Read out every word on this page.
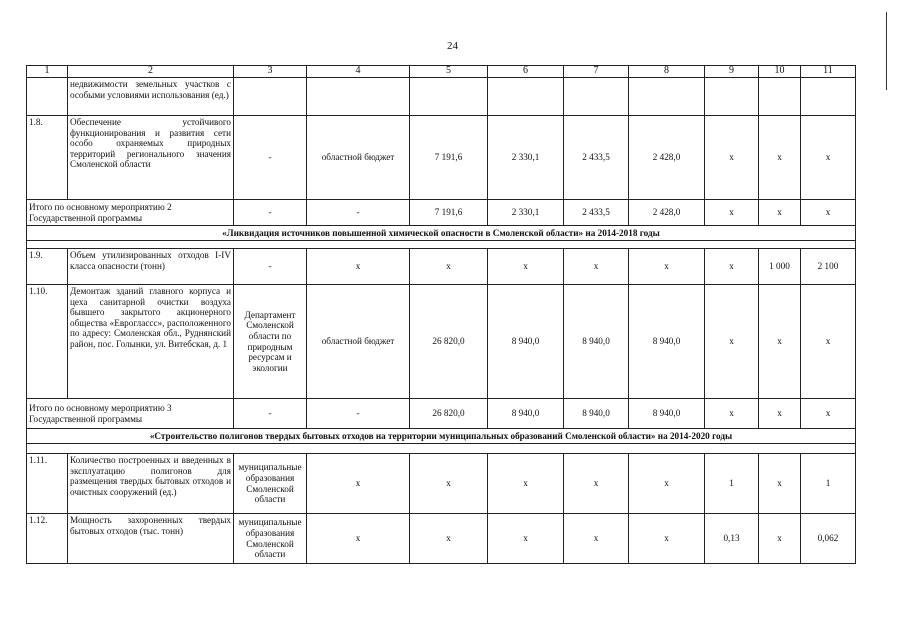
24
1	2	3	4	5	6	7	8	9	10	11
	недвижимости земельных участков с особыми условиями использования (ед.)									
1.8.	Обеспечение устойчивого функционирования и развития сети особо охраняемых природных территорий регионального значения Смоленской области	-	областной бюджет	7 191,6	2 330,1	2 433,5	2 428,0	x	x	x
Итого по основному мероприятию 2 Государственной программы		-	-	7 191,6	2 330,1	2 433,5	2 428,0	x	x	x
«Ликвидация источников повышенной химической опасности в Смоленской области» на 2014-2018 годы										

1.9.	Объем утилизированных отходов I-IV класса опасности (тонн)	-	x	x	x	x	x	x	1 000	2 100
1.10.	Демонтаж зданий главного корпуса и цеха санитарной очистки воздуха бывшего закрытого акционерного общества «Евроглассс», расположенного по адресу: Смоленская обл., Руднянский район, пос. Голынки, ул. Витебская, д. 1	Департамент Смоленской области по природным ресурсам и экологии	областной бюджет	26 820,0	8 940,0	8 940,0	8 940,0	x	x	x
Итого по основному мероприятию 3 Государственной программы		-	-	26 820,0	8 940,0	8 940,0	8 940,0	x	x	x
«Строительство полигонов твердых бытовых отходов на территории муниципальных образований Смоленской области» на 2014-2020 годы										

1.11.	Количество построенных и введенных в эксплуатацию полигонов для размещения твердых бытовых отходов и очистных сооружений (ед.)	муниципальные образования Смоленской области	x	x	x	x	x	1	x	1
1.12.	Мощность захороненных твердых бытовых отходов (тыс. тонн)	муниципальные образования Смоленской области	x	x	x	x	x	0,13	x	0,062
